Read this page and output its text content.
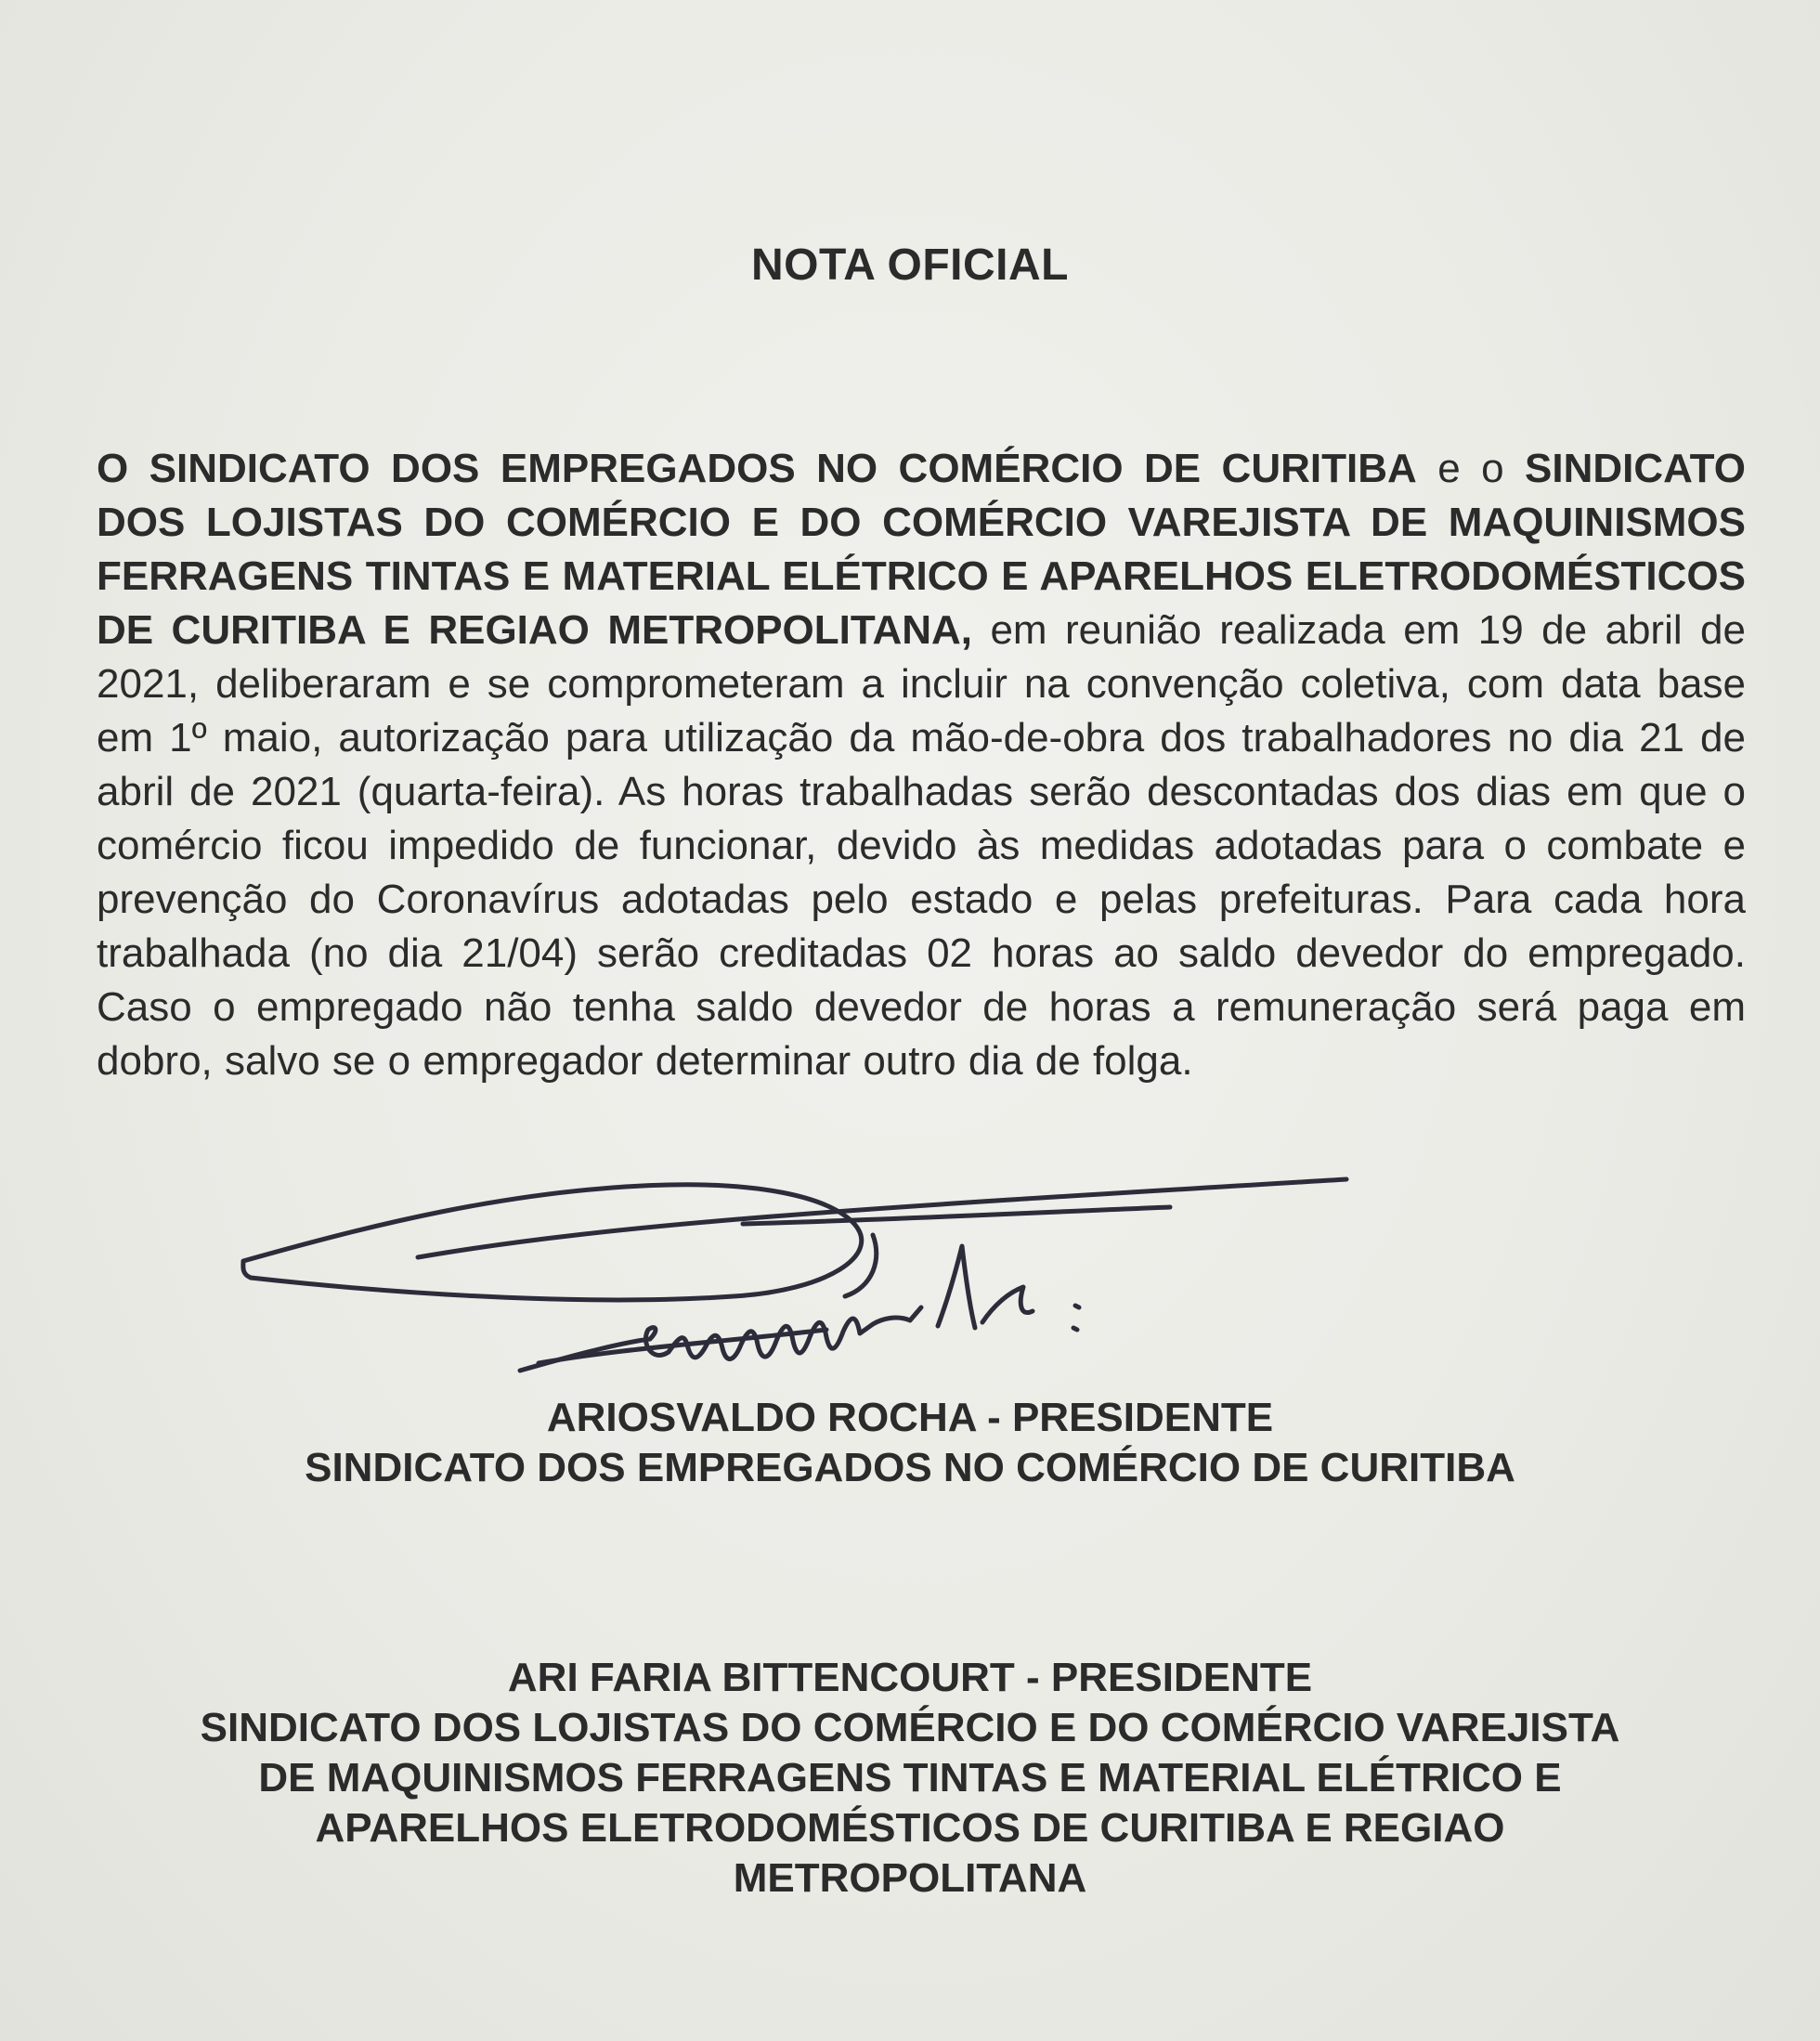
NOTA OFICIAL
O SINDICATO DOS EMPREGADOS NO COMÉRCIO DE CURITIBA e o SINDICATO DOS LOJISTAS DO COMÉRCIO E DO COMÉRCIO VAREJISTA DE MAQUINISMOS FERRAGENS TINTAS E MATERIAL ELÉTRICO E APARELHOS ELETRODOMÉSTICOS DE CURITIBA E REGIAO METROPOLITANA, em reunião realizada em 19 de abril de 2021, deliberaram e se comprometeram a incluir na convenção coletiva, com data base em 1º maio, autorização para utilização da mão-de-obra dos trabalhadores no dia 21 de abril de 2021 (quarta-feira). As horas trabalhadas serão descontadas dos dias em que o comércio ficou impedido de funcionar, devido às medidas adotadas para o combate e prevenção do Coronavírus adotadas pelo estado e pelas prefeituras. Para cada hora trabalhada (no dia 21/04) serão creditadas 02 horas ao saldo devedor do empregado. Caso o empregado não tenha saldo devedor de horas a remuneração será paga em dobro, salvo se o empregador determinar outro dia de folga.
ARIOSVALDO ROCHA - PRESIDENTE
SINDICATO DOS EMPREGADOS NO COMÉRCIO DE CURITIBA
ARI FARIA BITTENCOURT - PRESIDENTE
SINDICATO DOS LOJISTAS DO COMÉRCIO E DO COMÉRCIO VAREJISTA
DE MAQUINISMOS FERRAGENS TINTAS E MATERIAL ELÉTRICO E
APARELHOS ELETRODOMÉSTICOS DE CURITIBA E REGIAO
METROPOLITANA
